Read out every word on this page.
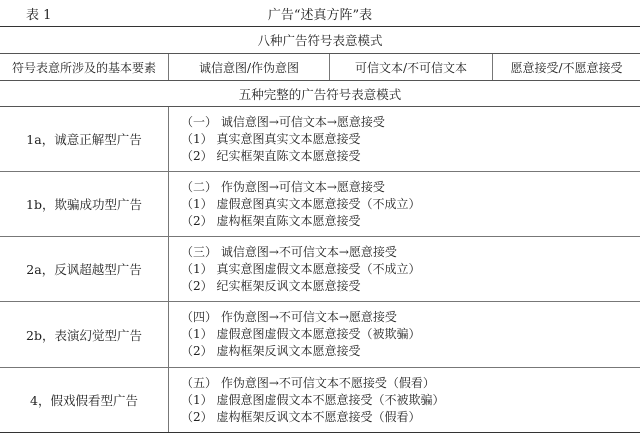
表 1	广告“述真方阵”表
八种广告符号表意模式
符号表意所涉及的基本要素	诚信意图/作伪意图	可信文本/不可信文本	愿意接受/不愿意接受
五种完整的广告符号表意模式
1a，诚意正解型广告
（一） 诚信意图→可信文本→愿意接受
（1） 真实意图真实文本愿意接受
（2） 纪实框架直陈文本愿意接受
1b，欺骗成功型广告
（二） 作伪意图→可信文本→愿意接受
（1） 虚假意图真实文本愿意接受（不成立）
（2） 虚构框架直陈文本愿意接受
2a，反讽超越型广告
（三） 诚信意图→不可信文本→愿意接受
（1） 真实意图虚假文本愿意接受（不成立）
（2） 纪实框架反讽文本愿意接受
2b，表演幻觉型广告
（四） 作伪意图→不可信文本→愿意接受
（1） 虚假意图虚假文本愿意接受（被欺骗）
（2） 虚构框架反讽文本愿意接受
4，假戏假看型广告
（五） 作伪意图→不可信文本不愿接受（假看）
（1） 虚假意图虚假文本不愿意接受（不被欺骗）
（2） 虚构框架反讽文本不愿意接受（假看）
